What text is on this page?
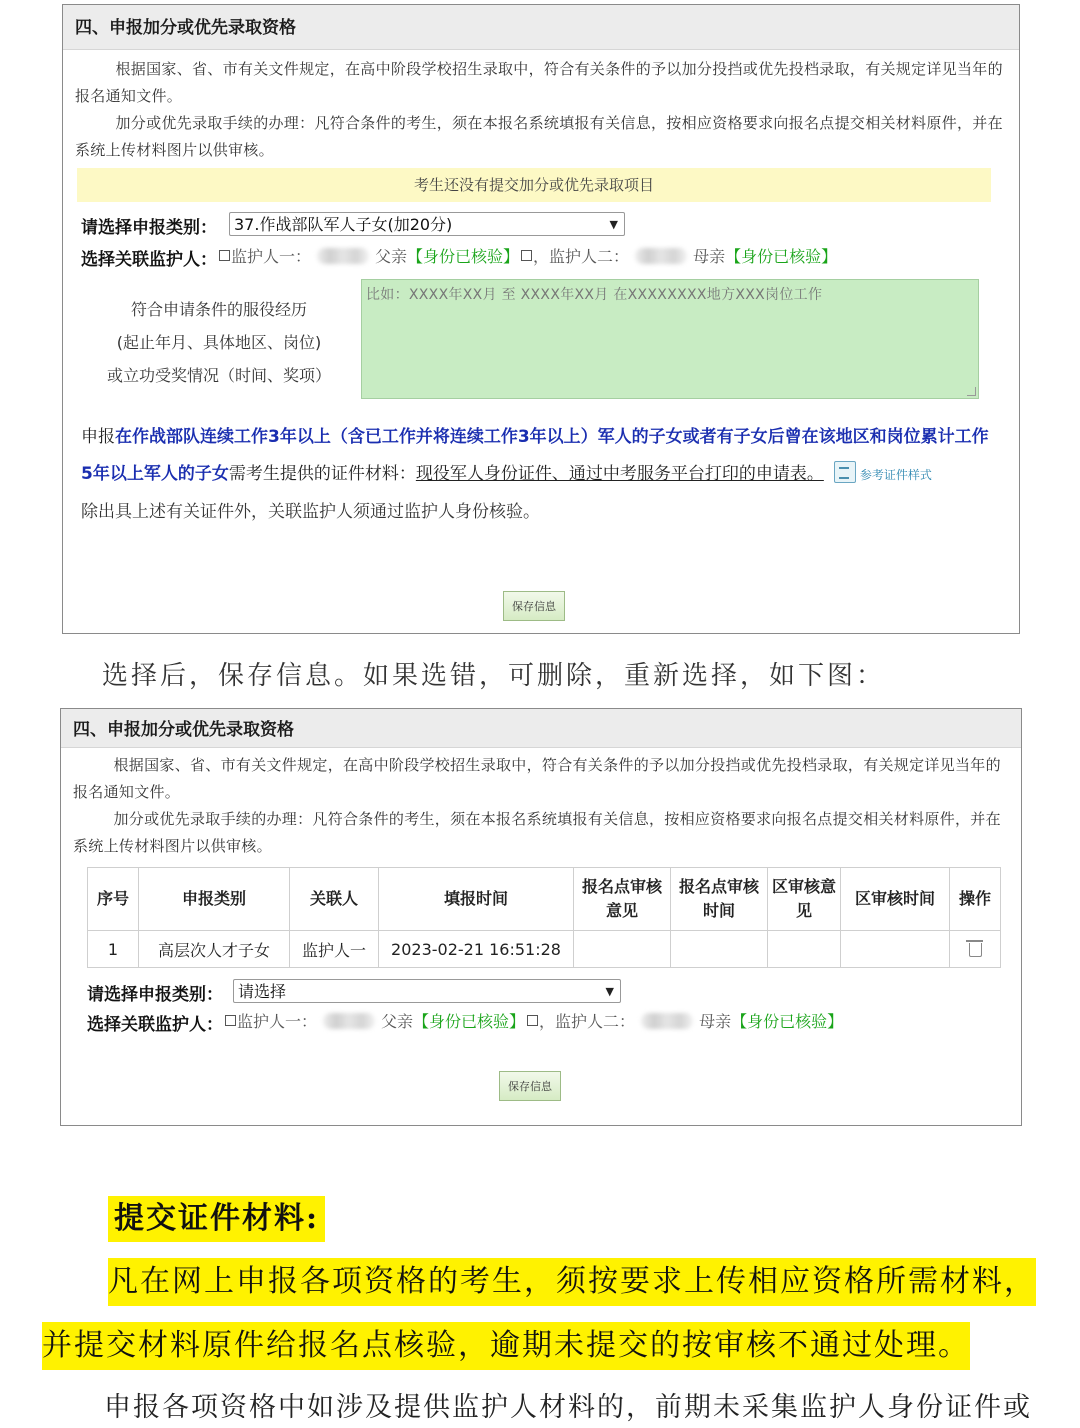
四、申报加分或优先录取资格

根据国家、省、市有关文件规定，在高中阶段学校招生录取中，符合有关条件的予以加分投挡或优先投档录取，有关规定详见当年的报名通知文件。

加分或优先录取手续的办理：凡符合条件的考生，须在本报名系统填报有关信息，按相应资格要求向报名点提交相关材料原件，并在系统上传材料图片以供审核。

考生还没有提交加分或优先录取项目
请选择申报类别：	37.作战部队军人子女(加20分)	▼
选择关联监护人： 监护人一：	父亲【身份已核验】 ，监护人二：	母亲【身份已核验】
符合申请条件的服役经历
(起止年月、具体地区、岗位)
或立功受奖情况（时间、奖项）
比如：XXXX年XX月 至 XXXX年XX月 在XXXXXXXX地方XXX岗位工作
申报在作战部队连续工作3年以上（含已工作并将连续工作3年以上）军人的子女或者有子女后曾在该地区和岗位累计工作5年以上军人的子女需考生提供的证件材料：现役军人身份证件、通过中考服务平台打印的申请表。	参考证件样式
除出具上述有关证件外，关联监护人须通过监护人身份核验。
保存信息
选择后，保存信息。如果选错，可删除，重新选择，如下图：
四、申报加分或优先录取资格

根据国家、省、市有关文件规定，在高中阶段学校招生录取中，符合有关条件的予以加分投挡或优先投档录取，有关规定详见当年的报名通知文件。

加分或优先录取手续的办理：凡符合条件的考生，须在本报名系统填报有关信息，按相应资格要求向报名点提交相关材料原件，并在系统上传材料图片以供审核。

序号	申报类别	关联人	填报时间	报名点审核意见	报名点审核时间	区审核意见	区审核时间	操作
1	高层次人才子女	监护人一	2023-02-21 16:51:28					
请选择申报类别： 请选择	▼
选择关联监护人： 监护人一：	父亲【身份已核验】 ，监护人二：	母亲【身份已核验】
保存信息
提交证件材料:
凡在网上申报各项资格的考生，须按要求上传相应资格所需材料，
并提交材料原件给报名点核验，逾期未提交的按审核不通过处理。
申报各项资格中如涉及提供监护人材料的，前期未采集监护人身份证件或
